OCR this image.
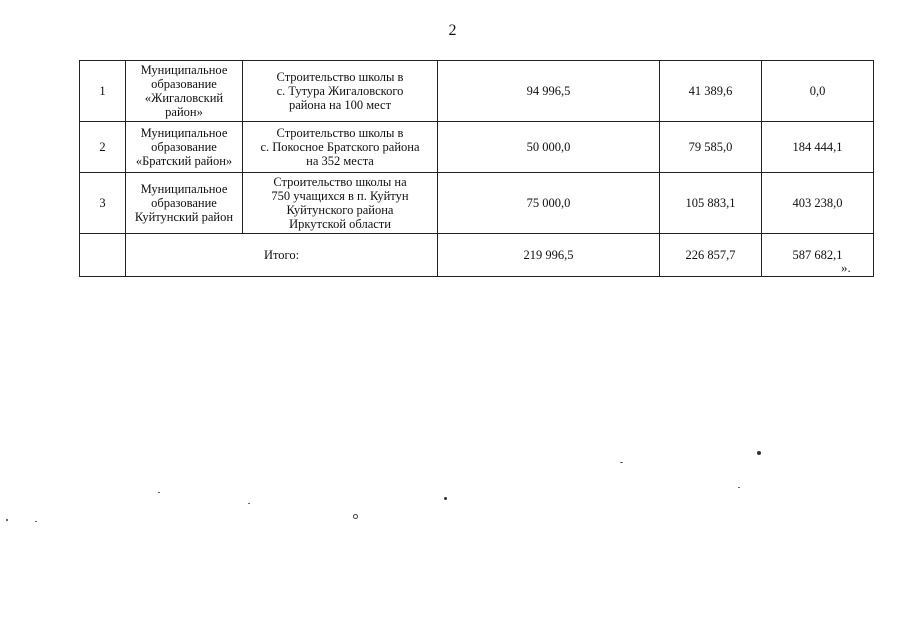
2
1	Муниципальное
образование
«Жигаловский
район»	Строительство школы в
с. Тутура Жигаловского
района на 100 мест	94 996,5	41 389,6	0,0
2	Муниципальное
образование
«Братский район»	Строительство школы в
с. Покосное Братского района
на 352 места	50 000,0	79 585,0	184 444,1
3	Муниципальное
образование
Куйтунский район	Строительство школы на
750 учащихся в п. Куйтун
Куйтунского района
Иркутской области	75 000,0	105 883,1	403 238,0
	Итого:		219 996,5	226 857,7	587 682,1
».
